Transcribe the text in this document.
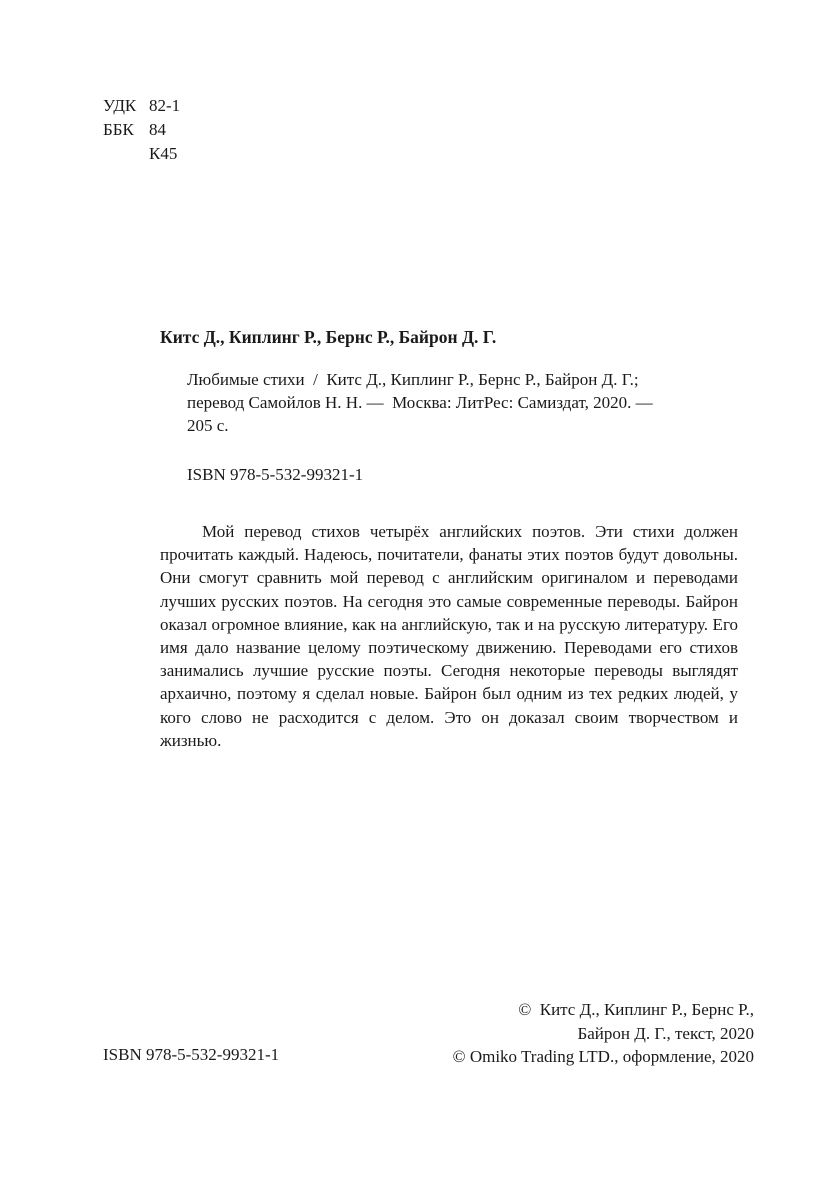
УДК 82-1
ББК 84
К45
Китс Д., Киплинг Р., Бернс Р., Байрон Д. Г.
Любимые стихи  /  Китс Д., Киплинг Р., Бернс Р., Байрон Д. Г.;
перевод Самойлов Н. Н. —  Москва: ЛитРес: Самиздат, 2020. —
205 с.
ISBN 978-5-532-99321-1

Мой перевод стихов четырёх английских поэтов. Эти стихи должен прочитать каждый. Надеюсь, почитатели, фанаты этих поэтов будут довольны. Они смогут сравнить мой перевод с английским оригиналом и переводами лучших русских поэтов. На сегодня это самые современные переводы. Байрон оказал огромное влияние, как на английскую, так и на русскую литературу. Его имя дало название целому поэтическому движению. Переводами его стихов занимались лучшие русские поэты. Сегодня некоторые переводы выглядят архаично, поэтому я сделал новые. Байрон был одним из тех редких людей, у кого слово не расходится с делом. Это он доказал своим творчеством и жизнью.

ISBN 978-5-532-99321-1
©  Китс Д., Киплинг Р., Бернс Р.,
Байрон Д. Г., текст, 2020
© Omiko Trading LTD., оформление, 2020
